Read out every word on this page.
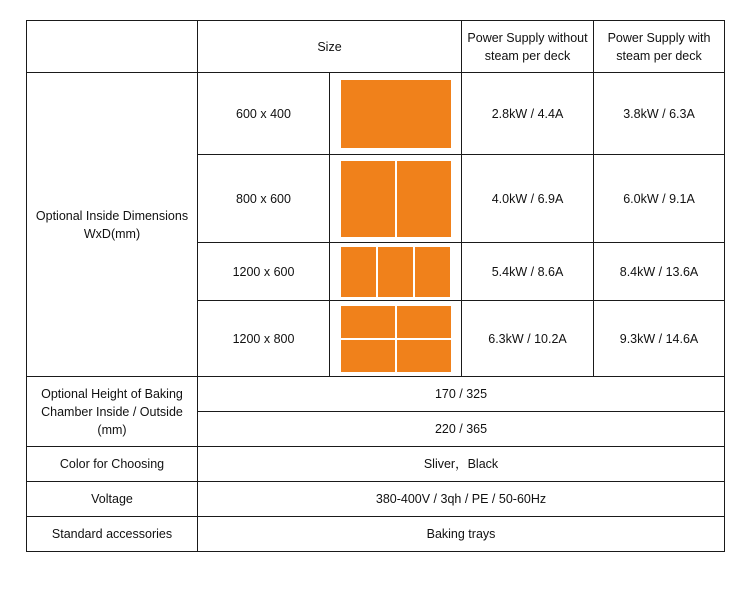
	Size		Power Supply without steam per deck	Power Supply with steam per deck
Optional Inside Dimensions WxD(mm)	600 x 400		2.8kW / 4.4A	3.8kW / 6.3A
	800 x 600		4.0kW / 6.9A	6.0kW / 9.1A
	1200 x 600		5.4kW / 8.6A	8.4kW / 13.6A
	1200 x 800		6.3kW / 10.2A	9.3kW / 14.6A
Optional Height of Baking Chamber Inside / Outside (mm)	170 / 325			
	220 / 365			
Color for Choosing	Sliver，Black			
Voltage	380-400V / 3qh / PE / 50-60Hz			
Standard accessories	Baking trays			
